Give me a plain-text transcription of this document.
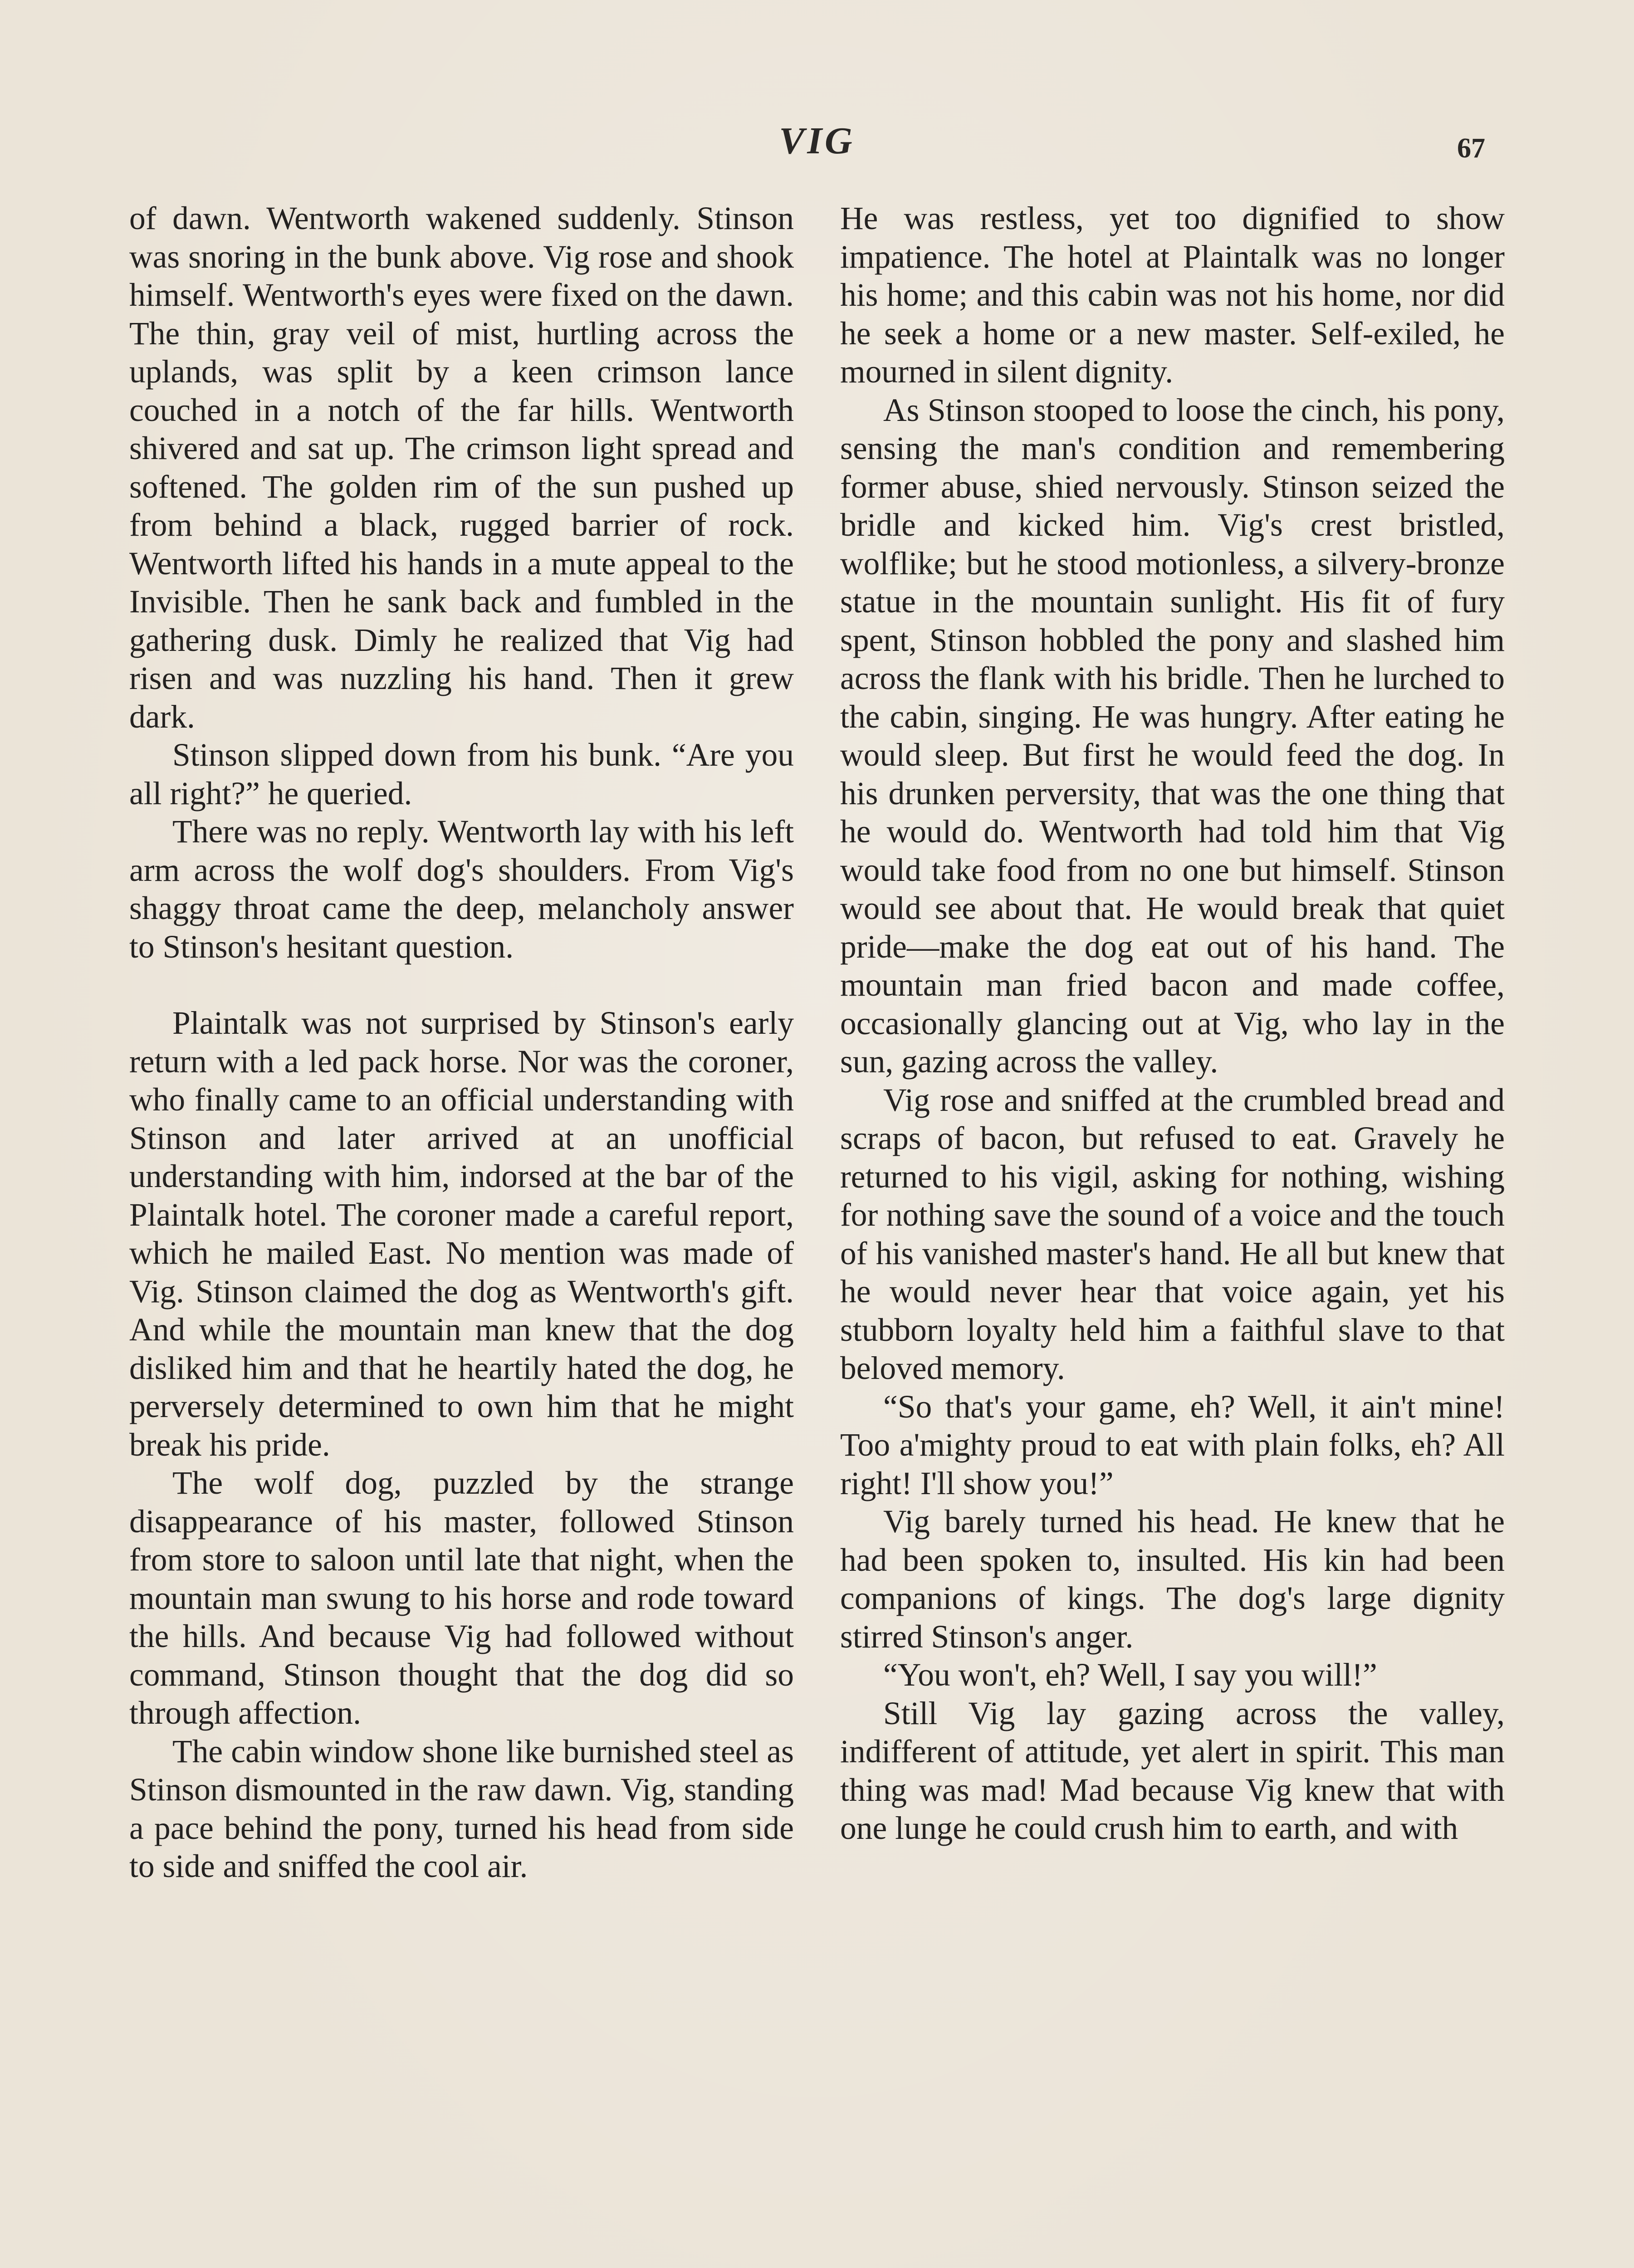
VIG	67

of dawn. Wentworth wakened suddenly. Stinson was snoring in the bunk above. Vig rose and shook himself. Wentworth's eyes were fixed on the dawn. The thin, gray veil of mist, hurtling across the uplands, was split by a keen crimson lance couched in a notch of the far hills. Wentworth shivered and sat up. The crimson light spread and softened. The golden rim of the sun pushed up from behind a black, rugged barrier of rock. Wentworth lifted his hands in a mute appeal to the Invisible. Then he sank back and fumbled in the gathering dusk. Dimly he realized that Vig had risen and was nuzzling his hand. Then it grew dark.

Stinson slipped down from his bunk. “Are you all right?” he queried.

There was no reply. Wentworth lay with his left arm across the wolf dog's shoulders. From Vig's shaggy throat came the deep, melancholy answer to Stinson's hesitant question.

Plaintalk was not surprised by Stinson's early return with a led pack horse. Nor was the coroner, who finally came to an official understanding with Stinson and later arrived at an unofficial understanding with him, indorsed at the bar of the Plaintalk hotel. The coroner made a careful report, which he mailed East. No mention was made of Vig. Stinson claimed the dog as Wentworth's gift. And while the mountain man knew that the dog disliked him and that he heartily hated the dog, he perversely determined to own him that he might break his pride.

The wolf dog, puzzled by the strange disappearance of his master, followed Stinson from store to saloon until late that night, when the mountain man swung to his horse and rode toward the hills. And because Vig had followed without command, Stinson thought that the dog did so through affection.

The cabin window shone like burnished steel as Stinson dismounted in the raw dawn. Vig, standing a pace behind the pony, turned his head from side to side and sniffed the cool air.

He was restless, yet too dignified to show impatience. The hotel at Plaintalk was no longer his home; and this cabin was not his home, nor did he seek a home or a new master. Self-exiled, he mourned in silent dignity.

As Stinson stooped to loose the cinch, his pony, sensing the man's condition and remembering former abuse, shied nervously. Stinson seized the bridle and kicked him. Vig's crest bristled, wolflike; but he stood motionless, a silvery-bronze statue in the mountain sunlight. His fit of fury spent, Stinson hobbled the pony and slashed him across the flank with his bridle. Then he lurched to the cabin, singing. He was hungry. After eating he would sleep. But first he would feed the dog. In his drunken perversity, that was the one thing that he would do. Wentworth had told him that Vig would take food from no one but himself. Stinson would see about that. He would break that quiet pride—make the dog eat out of his hand. The mountain man fried bacon and made coffee, occasionally glancing out at Vig, who lay in the sun, gazing across the valley.

Vig rose and sniffed at the crumbled bread and scraps of bacon, but refused to eat. Gravely he returned to his vigil, asking for nothing, wishing for nothing save the sound of a voice and the touch of his vanished master's hand. He all but knew that he would never hear that voice again, yet his stubborn loyalty held him a faithful slave to that beloved memory.

“So that's your game, eh? Well, it ain't mine! Too a'mighty proud to eat with plain folks, eh? All right! I'll show you!”

Vig barely turned his head. He knew that he had been spoken to, insulted. His kin had been companions of kings. The dog's large dignity stirred Stinson's anger.

“You won't, eh? Well, I say you will!”

Still Vig lay gazing across the valley, indifferent of attitude, yet alert in spirit. This man thing was mad! Mad because Vig knew that with one lunge he could crush him to earth, and with
